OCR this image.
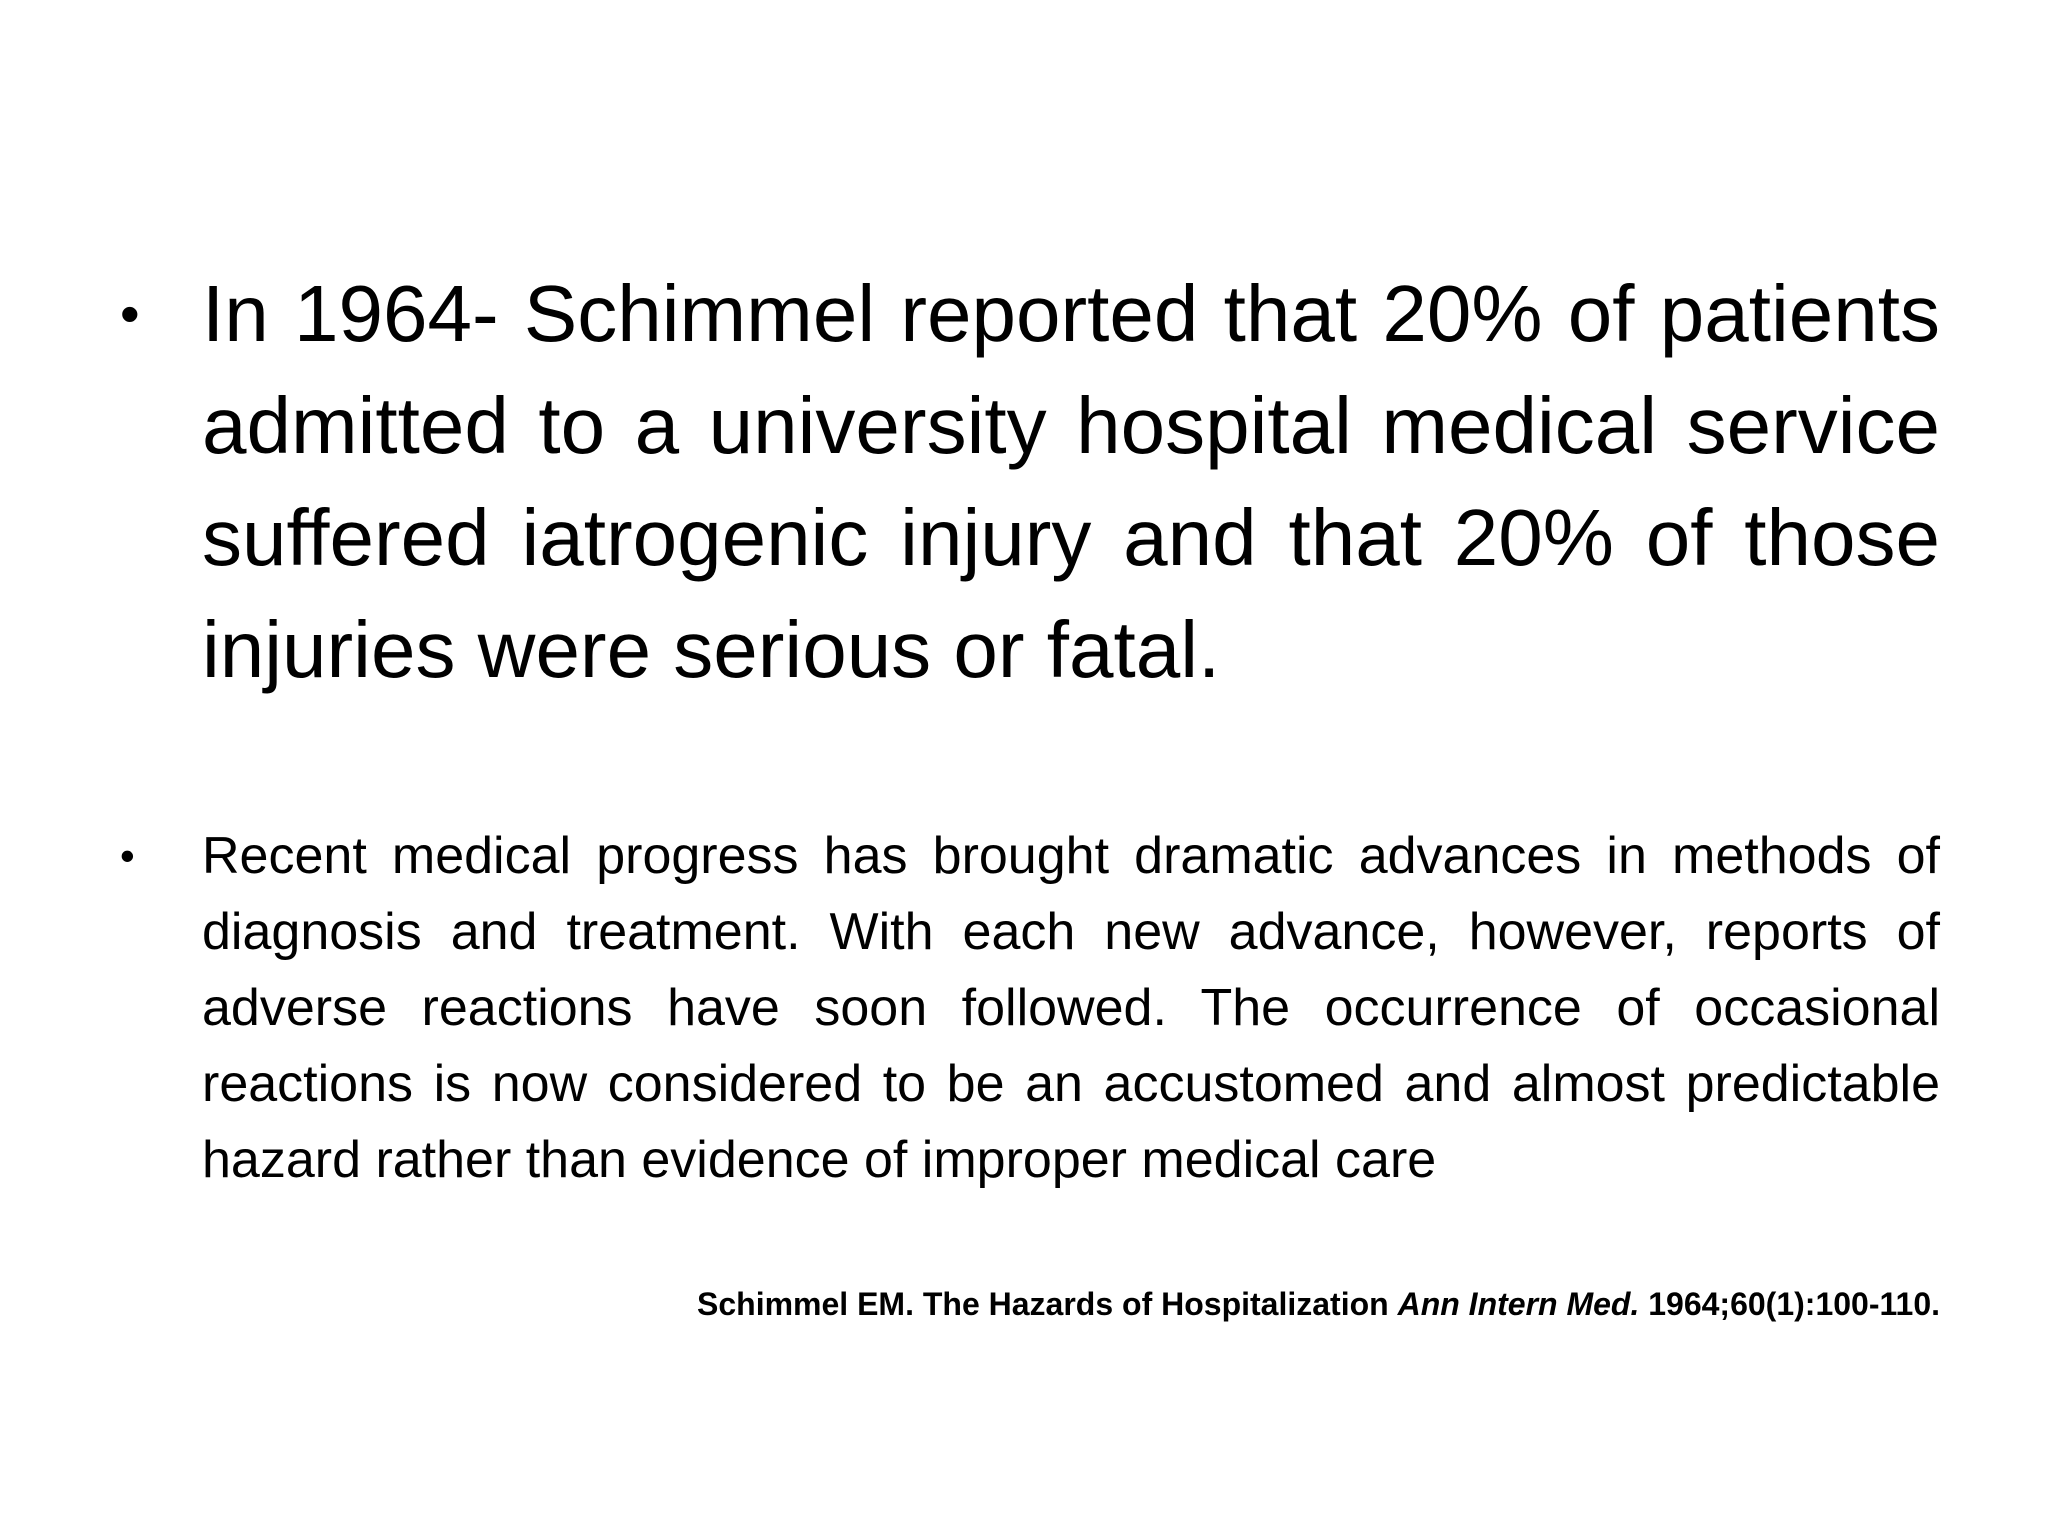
• In 1964- Schimmel reported that 20% of patients admitted to a university hospital medical service suffered iatrogenic injury and that 20% of those injuries were serious or fatal.
•	Recent medical progress has brought dramatic advances in methods of diagnosis and treatment. With each new advance, however, reports of adverse reactions have soon followed. The occurrence of occasional reactions is now considered to be an accustomed and almost predictable hazard rather than evidence of improper medical care
Schimmel EM. The Hazards of Hospitalization Ann Intern Med. 1964;60(1):100-110.
